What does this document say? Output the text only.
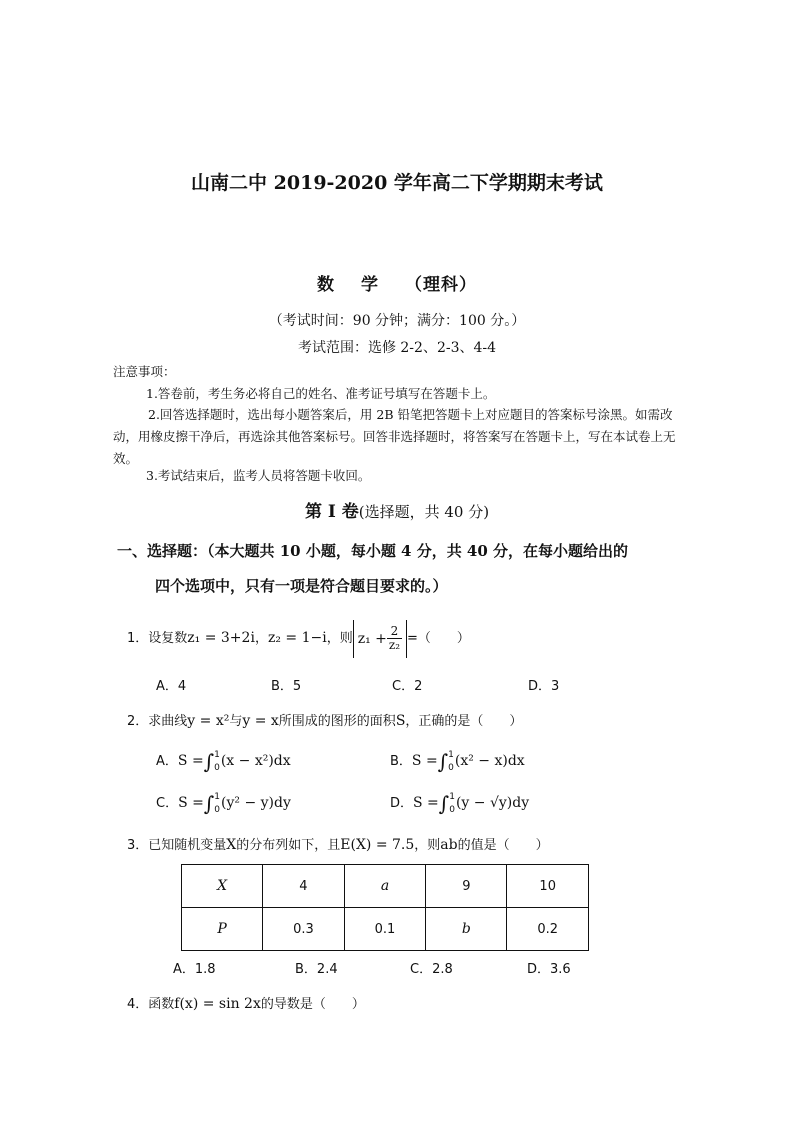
山南二中 2019-2020 学年高二下学期期末考试
数 学 （理科）
（考试时间：90 分钟；满分：100 分。）
考试范围：选修 2-2、2-3、4-4
注意事项：
1.答卷前，考生务必将自己的姓名、准考证号填写在答题卡上。
2.回答选择题时，选出每小题答案后，用 2B 铅笔把答题卡上对应题目的答案标号涂黑。如需改动，用橡皮擦干净后，再选涂其他答案标号。回答非选择题时，将答案写在答题卡上，写在本试卷上无效。
3.考试结束后，监考人员将答题卡收回。
第 Ⅰ 卷(选择题，共 40 分)
一、选择题：（本大题共 10 小题，每小题 4 分，共 40 分，在每小题给出的
四个选项中，只有一项是符合题目要求的。）
1．设复数z₁ = 3+2i，z₂ = 1−i，则 $z_1 + \frac{2}{\text{z₂}}$ =（　　）
A．4	B．5	C．2	D．3
2．求曲线y = x²与y = x所围成的图形的面积S，正确的是（　　）
A．S =∫ 1
0 (x − x²)dx	B．S =∫ 1
0 (x² − x)dx
C．S =∫ 1
0 (y² − y)dy	D．S =∫ 1
0 (y − √y)dy
3．已知随机变量X的分布列如下，且E(X) = 7.5，则ab的值是（　　）
X	4	a	9	10
P	0.3	0.1	b	0.2
A．1.8	B．2.4	C．2.8	D．3.6
4．函数f(x) = sin 2x的导数是（　　）
